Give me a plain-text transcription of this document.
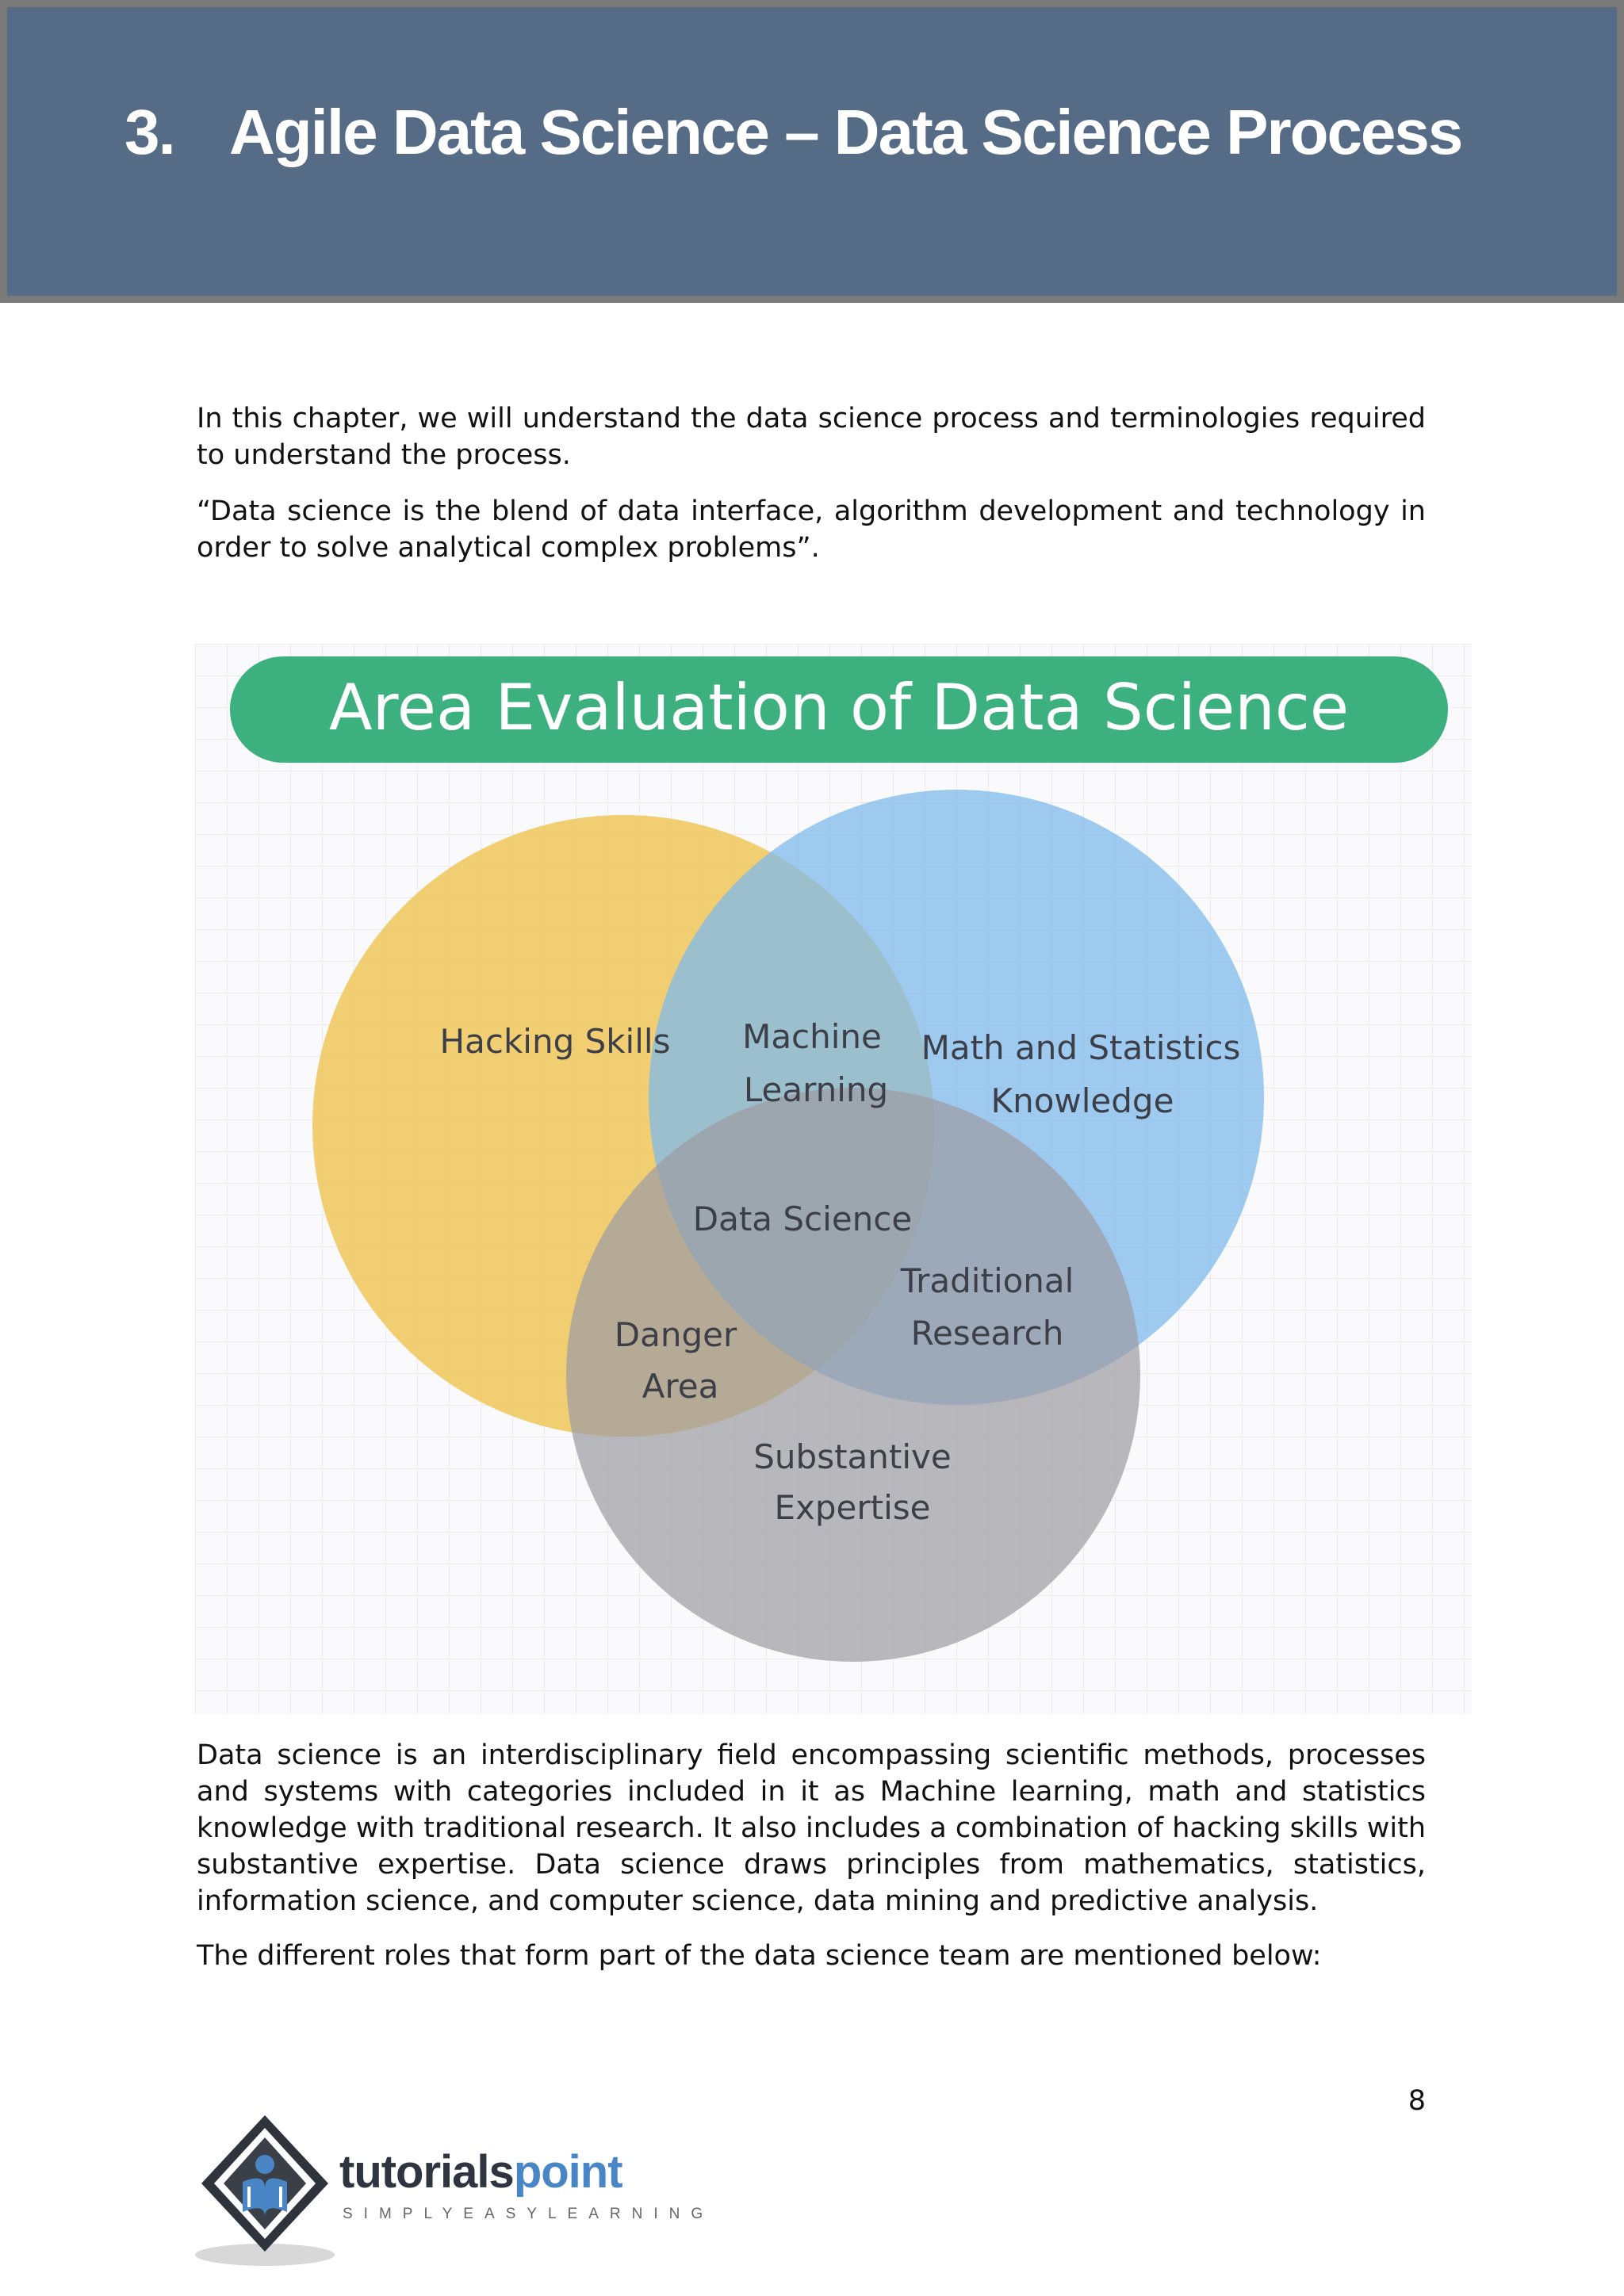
3. Agile Data Science – Data Science Process

In this chapter, we will understand the data science process and terminologies required to understand the process.

“Data science is the blend of data interface, algorithm development and technology in order to solve analytical complex problems”.

Area Evaluation of Data Science
Hacking Skills Machine
Learning
Math and Statistics
Knowledge
Data Science
Traditional
Research
Danger
Area
Substantive
Expertise

Data science is an interdisciplinary field encompassing scientific methods, processes and systems with categories included in it as Machine learning, math and statistics knowledge with traditional research. It also includes a combination of hacking skills with substantive expertise. Data science draws principles from mathematics, statistics, information science, and computer science, data mining and predictive analysis.

The different roles that form part of the data science team are mentioned below:

8
tutorialspoint
SIMPLYEASYLEARNING
